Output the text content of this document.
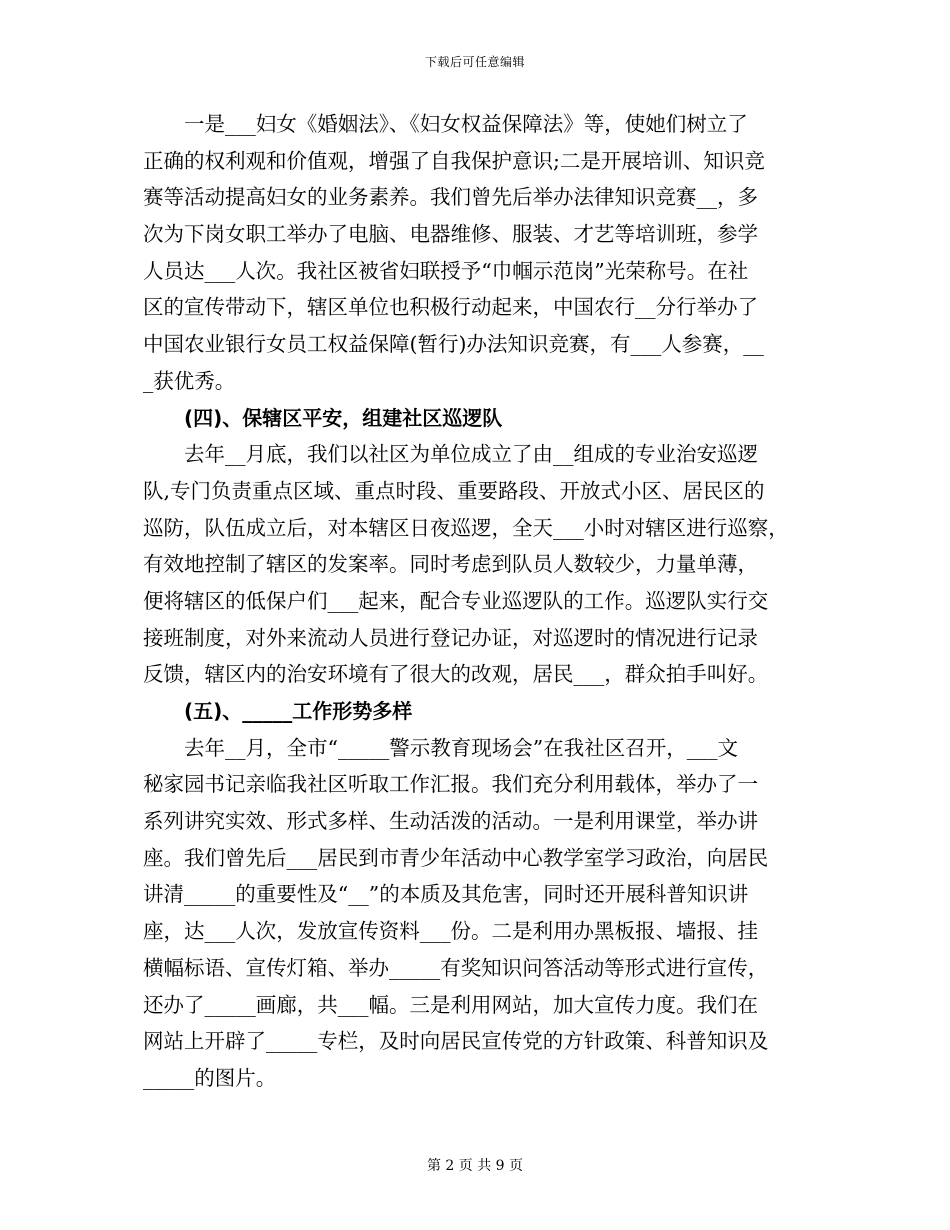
下载后可任意编辑
一是___妇女《婚姻法》、《妇女权益保障法》等，使她们树立了
正确的权利观和价值观，增强了自我保护意识;二是开展培训、知识竞
赛等活动提高妇女的业务素养。我们曾先后举办法律知识竞赛__，多
次为下岗女职工举办了电脑、电器维修、服装、才艺等培训班，参学
人员达___人次。我社区被省妇联授予“巾帼示范岗”光荣称号。在社
区的宣传带动下，辖区单位也积极行动起来，中国农行__分行举办了
中国农业银行女员工权益保障(暂行)办法知识竞赛，有___人参赛，__
_获优秀。
(四)、保辖区平安，组建社区巡逻队
去年__月底，我们以社区为单位成立了由__组成的专业治安巡逻
队,专门负责重点区域、重点时段、重要路段、开放式小区、居民区的
巡防，队伍成立后，对本辖区日夜巡逻，全天___小时对辖区进行巡察，
有效地控制了辖区的发案率。同时考虑到队员人数较少，力量单薄，
便将辖区的低保户们___起来，配合专业巡逻队的工作。巡逻队实行交
接班制度，对外来流动人员进行登记办证，对巡逻时的情况进行记录
反馈，辖区内的治安环境有了很大的改观，居民___，群众拍手叫好。
(五)、_____工作形势多样
去年__月，全市“_____警示教育现场会”在我社区召开，___文
秘家园书记亲临我社区听取工作汇报。我们充分利用载体，举办了一
系列讲究实效、形式多样、生动活泼的活动。一是利用课堂，举办讲
座。我们曾先后___居民到市青少年活动中心教学室学习政治，向居民
讲清_____的重要性及“__”的本质及其危害，同时还开展科普知识讲
座，达___人次，发放宣传资料___份。二是利用办黑板报、墙报、挂
横幅标语、宣传灯箱、举办_____有奖知识问答活动等形式进行宣传，
还办了_____画廊，共___幅。三是利用网站，加大宣传力度。我们在
网站上开辟了_____专栏，及时向居民宣传党的方针政策、科普知识及
_____的图片。
第 2 页 共 9 页
